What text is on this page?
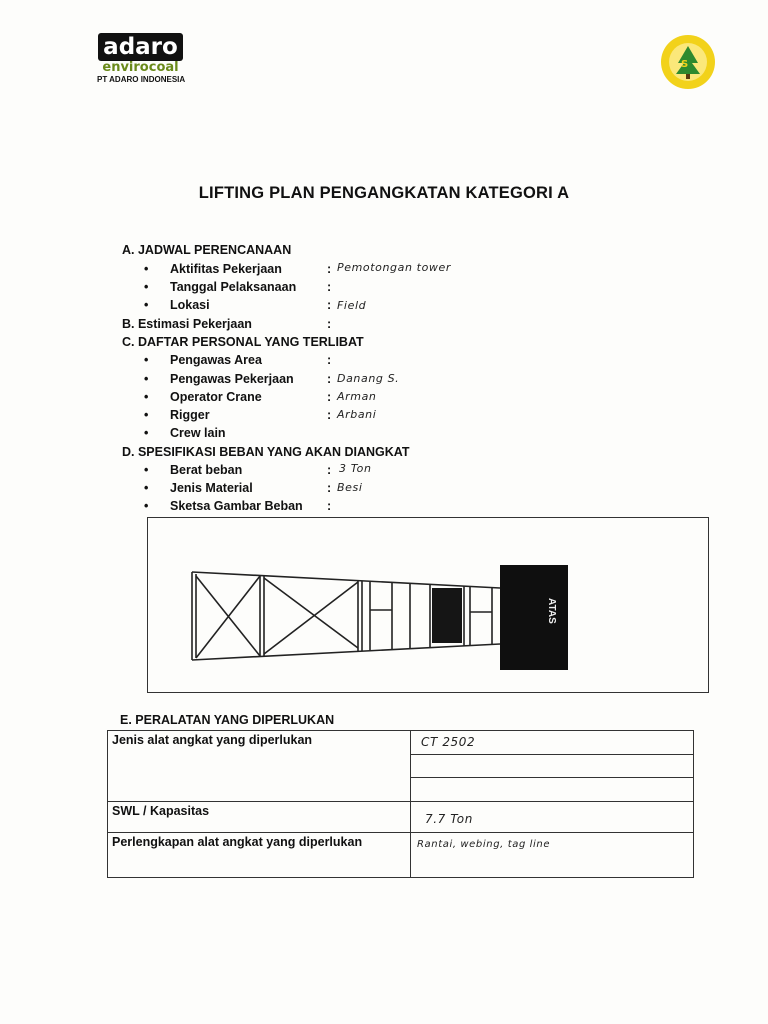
adaro
envirocoal
PT ADARO INDONESIA
S
LIFTING PLAN PENGANGKATAN KATEGORI A
A. JADWAL PERENCANAAN
• Aktifitas Pekerjaan	: Pemotongan tower
• Tanggal Pelaksanaan :
• Lokasi	: Field
B. Estimasi Pekerjaan	:
C. DAFTAR PERSONAL YANG TERLIBAT
• Pengawas Area	:
• Pengawas Pekerjaan	: Danang S.
• Operator Crane	: Arman
• Rigger	: Arbani
• Crew lain
D. SPESIFIKASI BEBAN YANG AKAN DIANGKAT
• Berat beban	: 3 Ton
• Jenis Material	: Besi
• Sketsa Gambar Beban :
ATAS
E. PERALATAN YANG DIPERLUKAN
Jenis alat angkat yang diperlukan	CT 2502

SWL / Kapasitas	7.7 Ton

Perlengkapan alat angkat yang diperlukan	Rantai, webing, tag line
